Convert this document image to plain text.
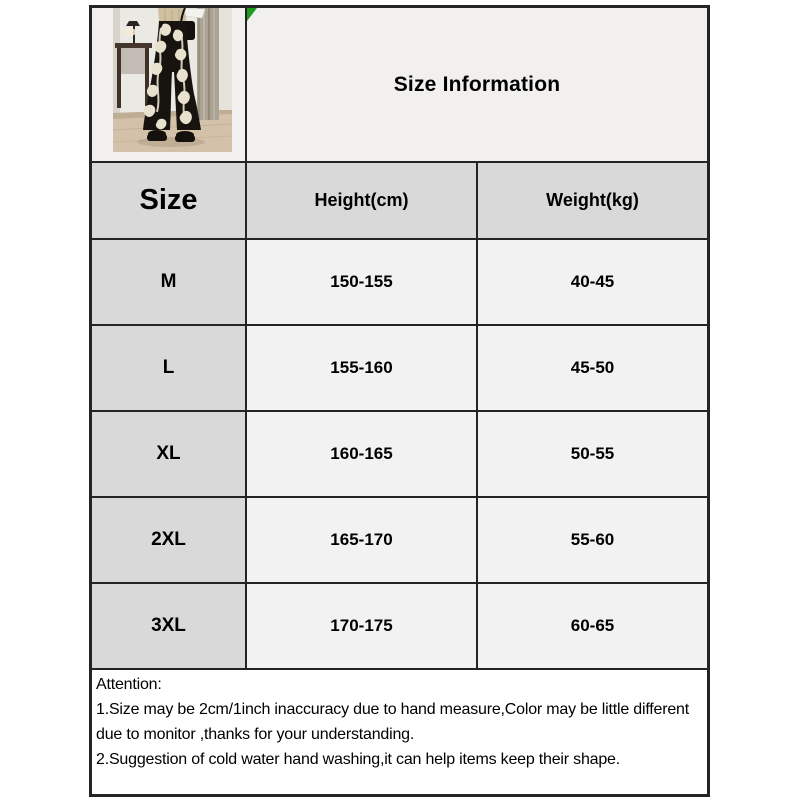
Size Information
Size	Height(cm)	Weight(kg)
M	150-155	40-45
L	155-160	45-50
XL	160-165	50-55
2XL	165-170	55-60
3XL	170-175	60-65
Attention:
1.Size may be 2cm/1inch inaccuracy due to hand measure,Color may be little different due to monitor ,thanks for your understanding.
2.Suggestion of cold water hand washing,it can help items keep their shape.
